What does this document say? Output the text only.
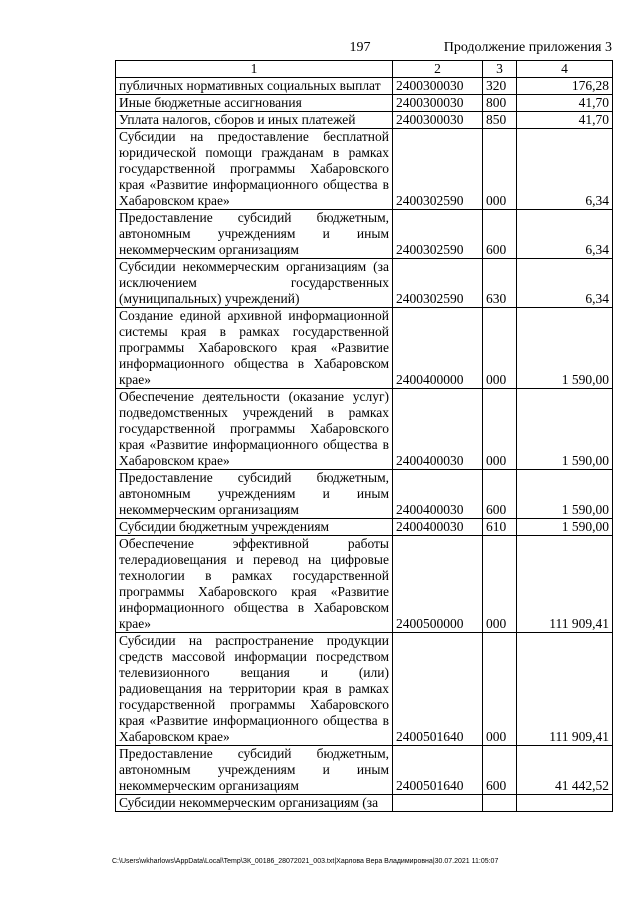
197	Продолжение приложения 3
1	2	3	4
публичных нормативных социальных выплат	2400300030	320	176,28
Иные бюджетные ассигнования	2400300030	800	41,70
Уплата налогов, сборов и иных платежей	2400300030	850	41,70
Субсидии на предоставление бесплатной юридической помощи гражданам в рамках государственной программы Хабаровского края «Развитие информационного общества в Хабаровском крае»	2400302590	000	6,34
Предоставление субсидий бюджетным, автономным учреждениям и иным некоммерческим организациям	2400302590	600	6,34
Субсидии некоммерческим организациям (за исключением государственных (муниципальных) учреждений)	2400302590	630	6,34
Создание единой архивной информационной системы края в рамках государственной программы Хабаровского края «Развитие информационного общества в Хабаровском крае»	2400400000	000	1 590,00
Обеспечение деятельности (оказание услуг) подведомственных учреждений в рамках государственной программы Хабаровского края «Развитие информационного общества в Хабаровском крае»	2400400030	000	1 590,00
Предоставление субсидий бюджетным, автономным учреждениям и иным некоммерческим организациям	2400400030	600	1 590,00
Субсидии бюджетным учреждениям	2400400030	610	1 590,00
Обеспечение эффективной работы телерадиовещания и перевод на цифровые технологии в рамках государственной программы Хабаровского края «Развитие информационного общества в Хабаровском крае»	2400500000	000	111 909,41
Субсидии на распространение продукции средств массовой информации посредством телевизионного вещания и (или) радиовещания на территории края в рамках государственной программы Хабаровского края «Развитие информационного общества в Хабаровском крае»	2400501640	000	111 909,41
Предоставление субсидий бюджетным, автономным учреждениям и иным некоммерческим организациям	2400501640	600	41 442,52
Субсидии некоммерческим организациям (за			
C:\Users\wkharlows\AppData\Local\Temp\ЗК_00186_28072021_003.txt|Харлова Вера Владимировна|30.07.2021 11:05:07
